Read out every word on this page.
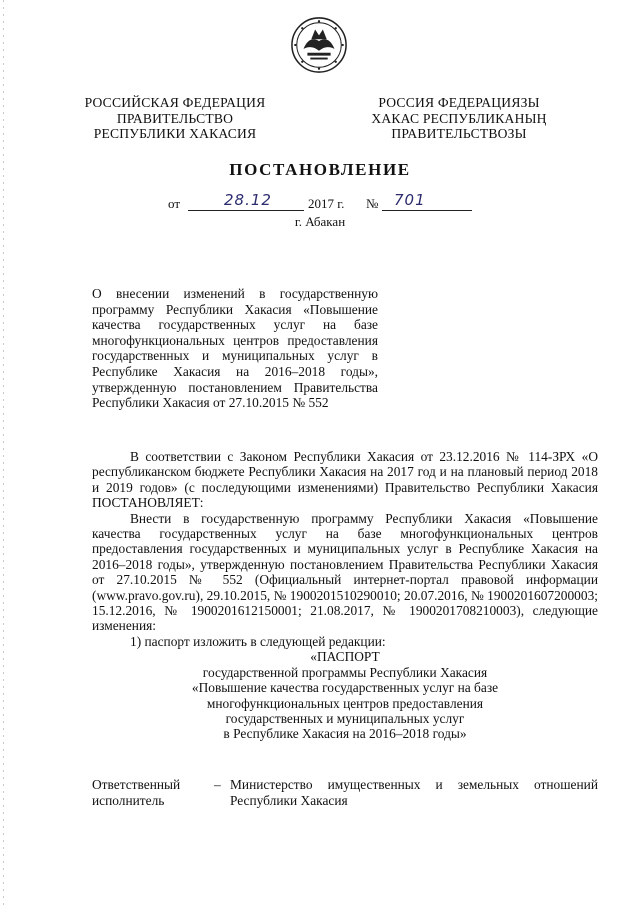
РОССИЙСКАЯ ФЕДЕРАЦИЯ
ПРАВИТЕЛЬСТВО
РЕСПУБЛИКИ ХАКАСИЯ
РОССИЯ ФЕДЕРАЦИЯЗЫ
ХАКАС РЕСПУБЛИКАНЫҢ
ПРАВИТЕЛЬСТВОЗЫ
ПОСТАНОВЛЕНИЕ
от	28.12	2017 г. № 701
г. Абакан
О внесении изменений в государственную
программу Республики Хакасия «Повышение
качества государственных услуг на базе
многофункциональных центров предоставления
государственных и муниципальных услуг в
Республике Хакасия на 2016–2018 годы»,
утвержденную постановлением Правительства
Республики Хакасия от 27.10.2015 № 552

В соответствии с Законом Республики Хакасия от 23.12.2016 № 114-ЗРХ «О республиканском бюджете Республики Хакасия на 2017 год и на плановый период 2018 и 2019 годов» (с последующими изменениями) Правительство Республики Хакасия ПОСТАНОВЛЯЕТ:

Внести в государственную программу Республики Хакасия «Повышение качества государственных услуг на базе многофункциональных центров предоставления государственных и муниципальных услуг в Республике Хакасия на 2016–2018 годы», утвержденную постановлением Правительства Республики Хакасия от 27.10.2015 № 552 (Официальный интернет-портал правовой информации (www.pravo.gov.ru), 29.10.2015, № 1900201510290010; 20.07.2016, № 1900201607200003; 15.12.2016, № 1900201612150001; 21.08.2017, № 1900201708210003), следующие изменения:

1) паспорт изложить в следующей редакции:

«ПАСПОРТ
государственной программы Республики Хакасия
«Повышение качества государственных услуг на базе
многофункциональных центров предоставления
государственных и муниципальных услуг
в Республике Хакасия на 2016–2018 годы»
Ответственный
исполнитель
– Министерство имущественных и земельных отношений Республики Хакасия
